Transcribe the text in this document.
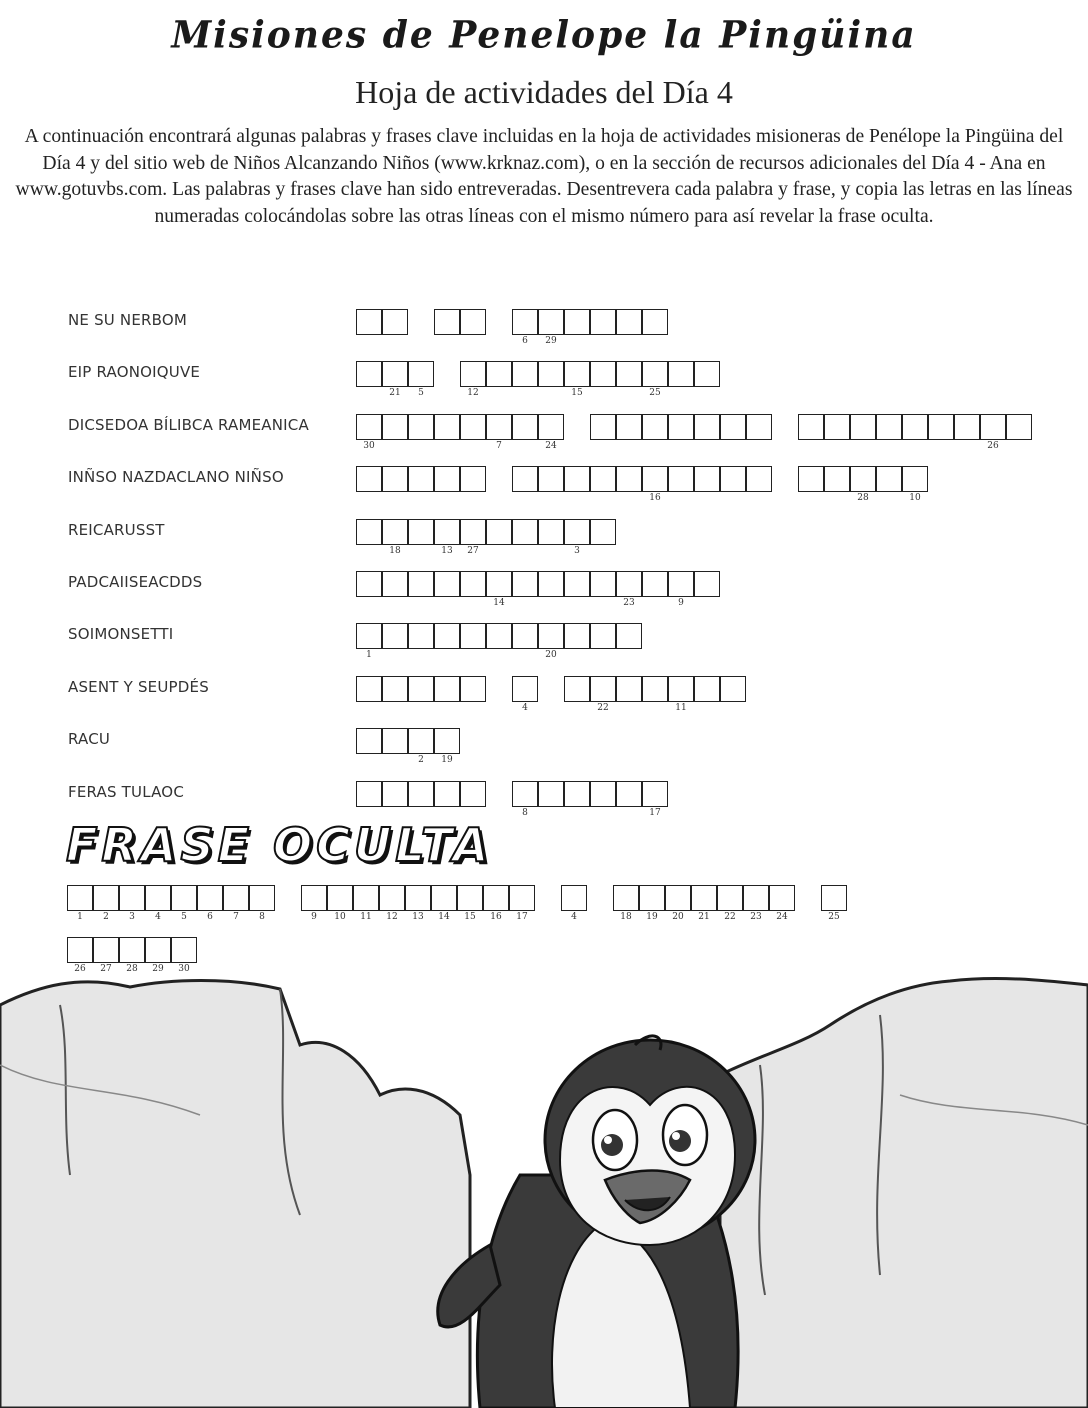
Misiones de Penelope la Pingüina
Hoja de actividades del Día 4
A continuación encontrará algunas palabras y frases clave incluidas en la hoja de actividades misioneras de Penélope la Pingüina del Día 4 y del sitio web de Niños Alcanzando Niños (www.krknaz.com), o en la sección de recursos adicionales del Día 4 - Ana en www.gotuvbs.com. Las palabras y frases clave han sido entreveradas. Desentrevera cada palabra y frase, y copia las letras en las líneas numeradas colocándolas sobre las otras líneas con el mismo número para así revelar la frase oculta.
NE SU NERBOM
6	29
EIP RAONOIQUVE
21	5	12	15	25
DICSEDOA BÍLIBCA RAMEANICA
30	7	24	26
INÑSO NAZDACLANO NIÑSO
16	28	10
REICARUSST
18	13	27	3
PADCAIISEACDDS
14	23	9
SOIMONSETTI
1	20
ASENT Y SEUPDÉS
4	22	11
RACU
2	19
FERAS TULAOC
8	17
FRASE OCULTA
1	2	3	4	5	6	7	8	9	10	11	12	13	14	15	16	17	4	18	19	20	21	22	23	24	25
26	27	28	29	30
